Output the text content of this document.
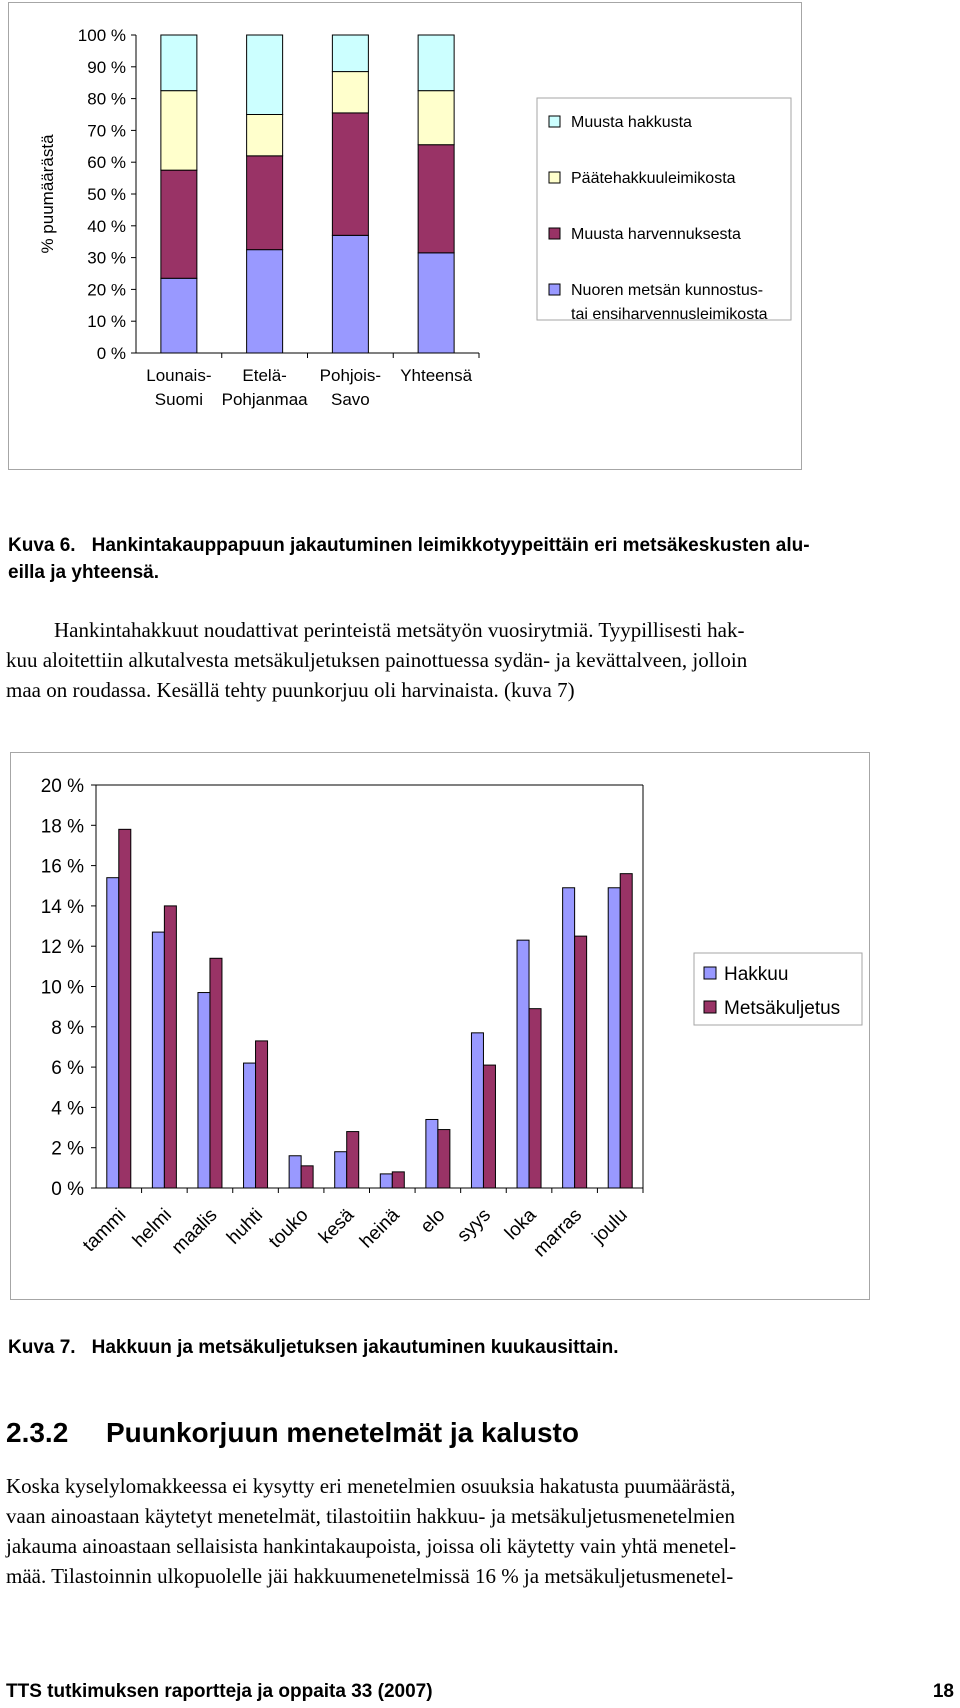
0 %
10 %
20 %
30 %
40 %
50 %
60 %
70 %
80 %
90 %
100 %
% puumäärästä
Lounais-
Suomi
Etelä-
Pohjanmaa
Pohjois-
Savo
Yhteensä
Muusta hakkusta
Päätehakkuuleimikosta
Muusta harvennuksesta
Nuoren metsän kunnostus-
tai ensiharvennusleimikosta
Kuva 6. Hankintakauppapuun jakautuminen leimikkotyypeittäin eri metsäkeskusten alu-
eilla ja yhteensä.

Hankintahakkuut noudattivat perinteistä metsätyön vuosirytmiä. Tyypillisesti hak-
kuu aloitettiin alkutalvesta metsäkuljetuksen painottuessa sydän- ja kevättalveen, jolloin
maa on roudassa. Kesällä tehty puunkorjuu oli harvinaista. (kuva 7)

0 %
2 %
4 %
6 %
8 %
10 %
12 %
14 %
16 %
18 %
20 %
tammi
helmi
maalis huhti
touko kesä
heinä elo syys loka
marras joulu
Hakkuu
Metsäkuljetus
Kuva 7. Hakkuun ja metsäkuljetuksen jakautuminen kuukausittain.
2.3.2 Puunkorjuun menetelmät ja kalusto

Koska kyselylomakkeessa ei kysytty eri menetelmien osuuksia hakatusta puumäärästä,
vaan ainoastaan käytetyt menetelmät, tilastoitiin hakkuu- ja metsäkuljetusmenetelmien
jakauma ainoastaan sellaisista hankintakaupoista, joissa oli käytetty vain yhtä menetel-
mää. Tilastoinnin ulkopuolelle jäi hakkuumenetelmissä 16 % ja metsäkuljetusmenetel-

TTS tutkimuksen raportteja ja oppaita 33 (2007)	18
